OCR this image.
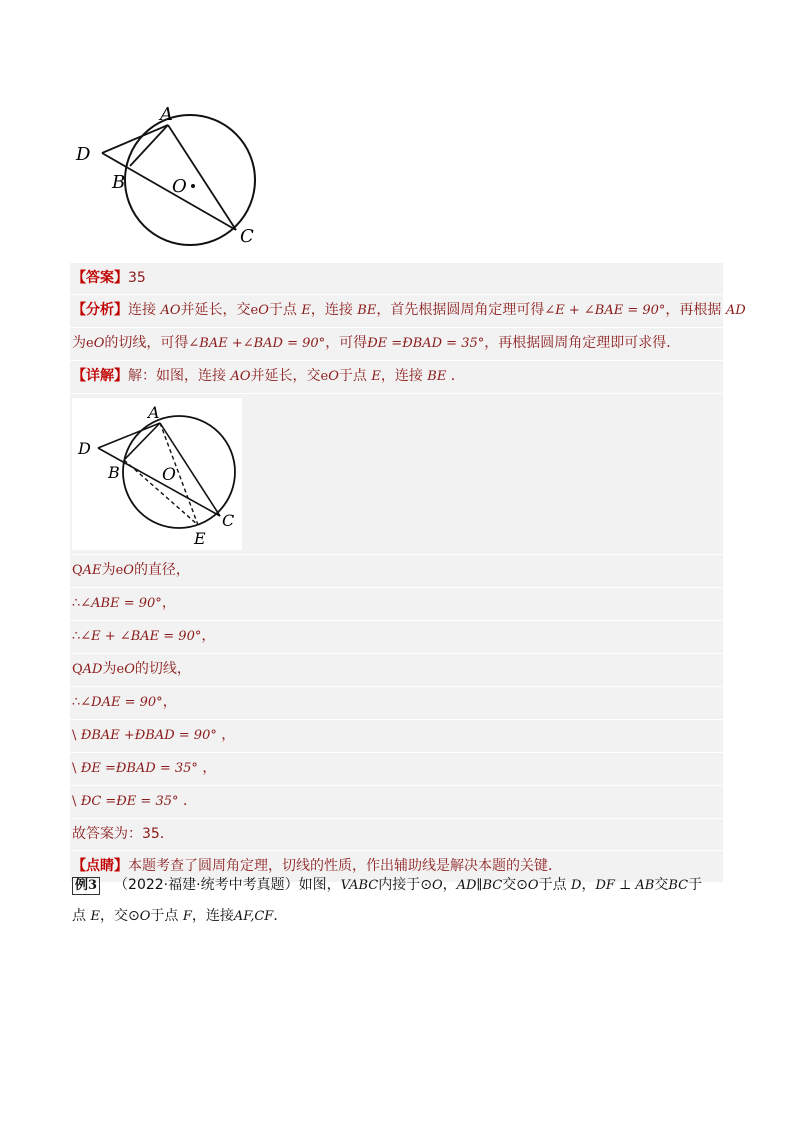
A
B
C
D
O
【答案】35
【分析】连接 AO并延长，交eO于点 E，连接 BE，首先根据圆周角定理可得∠E + ∠BAE = 90°，再根据 AD
为eO的切线，可得∠BAE +∠BAD = 90°，可得ÐE =ÐBAD = 35°，再根据圆周角定理即可求得．
【详解】解：如图，连接 AO并延长，交eO于点 E，连接 BE ．
A
B
C
D
O
E
QAE为eO的直径，
∴∠ABE = 90°，
∴∠E + ∠BAE = 90°，
QAD为eO的切线，
∴∠DAE = 90°，
\ ÐBAE +ÐBAD = 90° ，
\ ÐE =ÐBAD = 35° ，
\ ÐC =ÐE = 35° ．
故答案为：35．
【点睛】本题考查了圆周角定理，切线的性质，作出辅助线是解决本题的关键．
例3 （2022·福建·统考中考真题）如图，VABC内接于⊙O，AD∥BC交⊙O于点 D，DF ⊥ AB交BC于
点 E，交⊙O于点 F，连接AF,CF．
